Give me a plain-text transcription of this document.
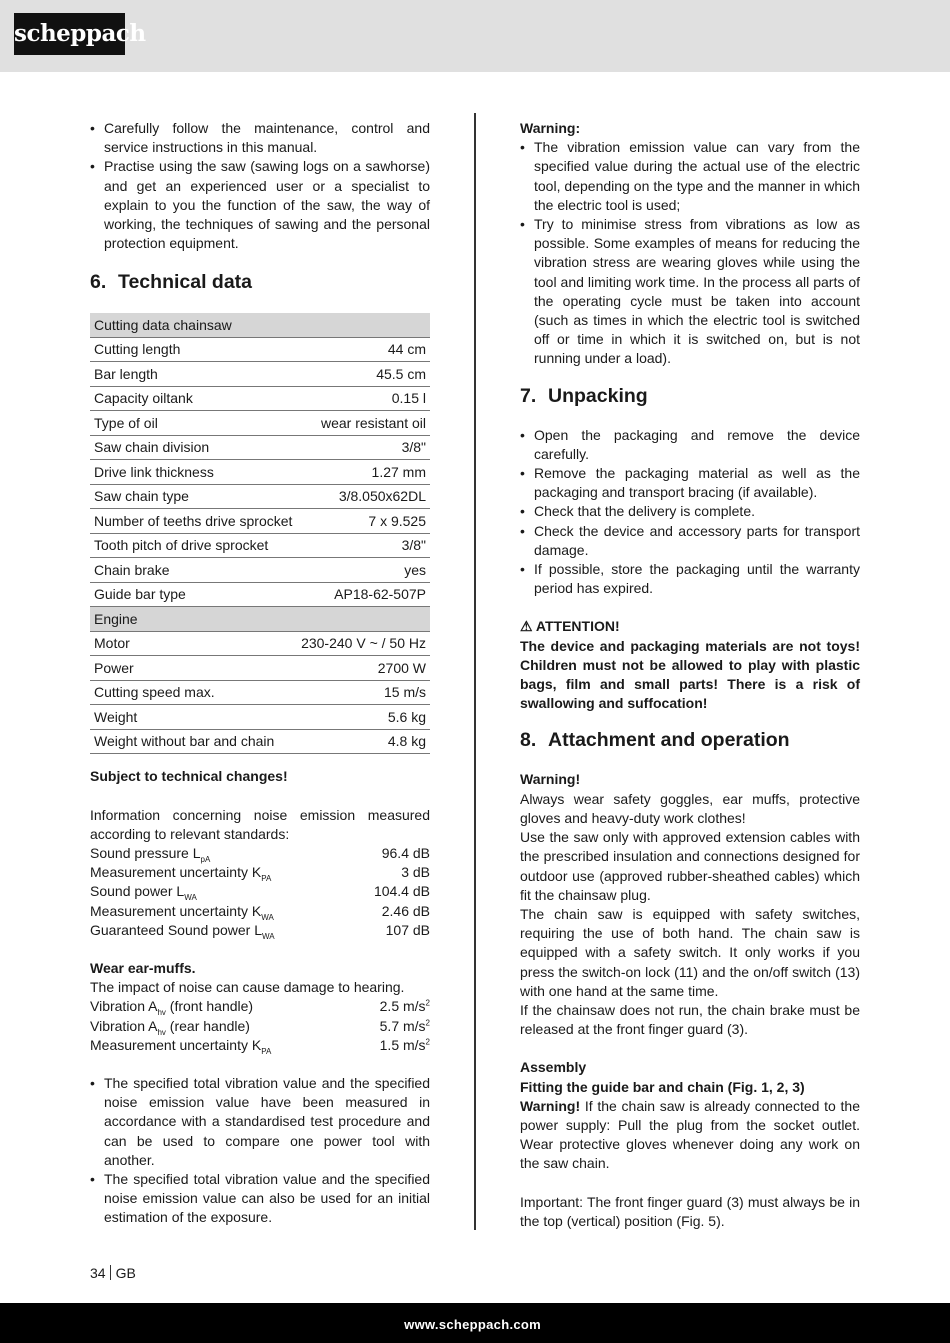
scheppach
• Carefully follow the maintenance, control and service instructions in this manual.
• Practise using the saw (sawing logs on a sawhorse) and get an experienced user or a specialist to explain to you the function of the saw, the way of working, the techniques of sawing and the personal protection equipment.
6. Technical data
Cutting data chainsaw	
Cutting length	44 cm
Bar length	45.5 cm
Capacity oiltank	0.15 l
Type of oil	wear resistant oil
Saw chain division	3/8"
Drive link thickness	1.27 mm
Saw chain type	3/8.050x62DL
Number of teeths drive sprocket	7 x 9.525
Tooth pitch of drive sprocket	3/8"
Chain brake	yes
Guide bar type	AP18-62-507P
Engine	
Motor	230-240 V ~ / 50 Hz
Power	2700 W
Cutting speed max.	15 m/s
Weight	5.6 kg
Weight without bar and chain	4.8 kg

Subject to technical changes!

Information concerning noise emission measured according to relevant standards:

Sound pressure $L_{pA}$	96.4 dB
Measurement uncertainty $K_{PA}$	3 dB
Sound power $L_{WA}$	104.4 dB
Measurement uncertainty $K_{WA}$	2.46 dB
Guaranteed Sound power $L_{WA}$	107 dB

Wear ear-muffs.

The impact of noise can cause damage to hearing.

Vibration $A_{hv}$ (front handle)	2.5 $m/s^2$
Vibration $A_{hv}$ (rear handle)	5.7 $m/s^2$
Measurement uncertainty $K_{PA}$	1.5 $m/s^2$
• The specified total vibration value and the specified noise emission value have been measured in accordance with a standardised test procedure and can be used to compare one power tool with another.
• The specified total vibration value and the specified noise emission value can also be used for an initial estimation of the exposure.

Warning:

• The vibration emission value can vary from the specified value during the actual use of the electric tool, depending on the type and the manner in which the electric tool is used;
• Try to minimise stress from vibrations as low as possible. Some examples of means for reducing the vibration stress are wearing gloves while using the tool and limiting work time. In the process all parts of the operating cycle must be taken into account (such as times in which the electric tool is switched off or time in which it is switched on, but is not running under a load).
7. Unpacking
• Open the packaging and remove the device carefully.
• Remove the packaging material as well as the packaging and transport bracing (if available).
• Check that the delivery is complete.
• Check the device and accessory parts for transport damage.
• If possible, store the packaging until the warranty period has expired.

⚠ ATTENTION!

The device and packaging materials are not toys! Children must not be allowed to play with plastic bags, film and small parts! There is a risk of swallowing and suffocation!

8. Attachment and operation

Warning!

Always wear safety goggles, ear muffs, protective gloves and heavy-duty work clothes!

Use the saw only with approved extension cables with the prescribed insulation and connections designed for outdoor use (approved rubber-sheathed cables) which fit the chainsaw plug.

The chain saw is equipped with safety switches, requiring the use of both hand. The chain saw is equipped with a safety switch. It only works if you press the switch-on lock (11) and the on/off switch (13) with one hand at the same time.

If the chainsaw does not run, the chain brake must be released at the front finger guard (3).

Assembly

Fitting the guide bar and chain (Fig. 1, 2, 3)

Warning! If the chain saw is already connected to the power supply: Pull the plug from the socket outlet. Wear protective gloves whenever doing any work on the saw chain.

Important: The front finger guard (3) must always be in the top (vertical) position (Fig. 5).

34 GB
www.scheppach.com
